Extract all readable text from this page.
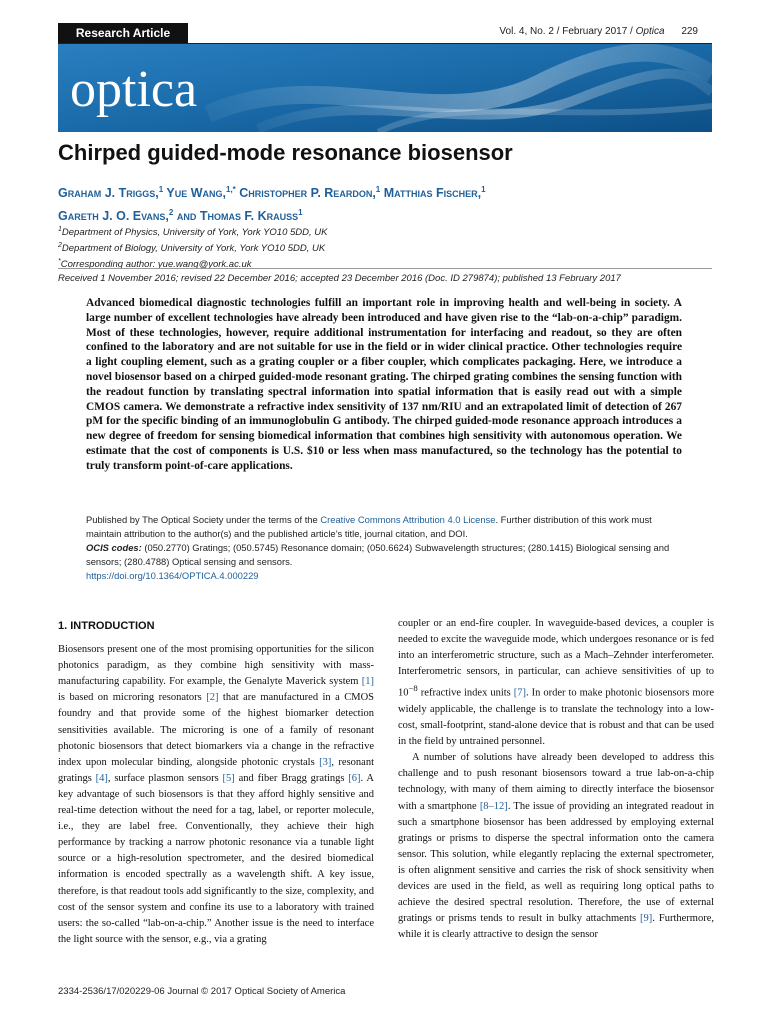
Research Article	Vol. 4, No. 2 / February 2017 / Optica 229
optica
Chirped guided-mode resonance biosensor
Graham J. Triggs,$^1$ Yue Wang,$^{1,*}$ Christopher P. Reardon,$^1$ Matthias Fischer,$^1$
Gareth J. O. Evans,$^2$ and Thomas F. Krauss$^1$
$^1$Department of Physics, University of York, York YO10 5DD, UK
$^2$Department of Biology, University of York, York YO10 5DD, UK
*Corresponding author: yue.wang@york.ac.uk
Received 1 November 2016; revised 22 December 2016; accepted 23 December 2016 (Doc. ID 279874); published 13 February 2017
Advanced biomedical diagnostic technologies fulfill an important role in improving health and well-being in society. A large number of excellent technologies have already been introduced and have given rise to the “lab-on-a-chip” paradigm. Most of these technologies, however, require additional instrumentation for interfacing and readout, so they are often confined to the laboratory and are not suitable for use in the field or in wider clinical practice. Other technologies require a light coupling element, such as a grating coupler or a fiber coupler, which complicates packaging. Here, we introduce a novel biosensor based on a chirped guided-mode resonant grating. The chirped grating combines the sensing function with the readout function by translating spectral information into spatial information that is easily read out with a simple CMOS camera. We demonstrate a refractive index sensitivity of 137 nm/RIU and an extrapolated limit of detection of 267 pM for the specific binding of an immunoglobulin G antibody. The chirped guided-mode resonance approach introduces a new degree of freedom for sensing biomedical information that combines high sensitivity with autonomous operation. We estimate that the cost of components is U.S. $10 or less when mass manufactured, so the technology has the potential to truly transform point-of-care applications.
Published by The Optical Society under the terms of the Creative Commons Attribution 4.0 License. Further distribution of this work must maintain attribution to the author(s) and the published article’s title, journal citation, and DOI.
OCIS codes: (050.2770) Gratings; (050.5745) Resonance domain; (050.6624) Subwavelength structures; (280.1415) Biological sensing and sensors; (280.4788) Optical sensing and sensors.
https://doi.org/10.1364/OPTICA.4.000229
1. INTRODUCTION

Biosensors present one of the most promising opportunities for the silicon photonics paradigm, as they combine high sensitivity with mass-manufacturing capability. For example, the Genalyte Maverick system [1] is based on microring resonators [2] that are manufactured in a CMOS foundry and that provide some of the highest biomarker detection sensitivities available. The microring is one of a family of resonant photonic biosensors that detect biomarkers via a change in the refractive index upon molecular binding, alongside photonic crystals [3], resonant gratings [4], surface plasmon sensors [5] and fiber Bragg gratings [6]. A key advantage of such biosensors is that they afford highly sensitive and real-time detection without the need for a tag, label, or reporter molecule, i.e., they are label free. Conventionally, they achieve their high performance by tracking a narrow photonic resonance via a tunable light source or a high-resolution spectrometer, and the desired biomedical information is encoded spectrally as a wavelength shift. A key issue, therefore, is that readout tools add significantly to the size, complexity, and cost of the sensor system and confine its use to a laboratory with trained users: the so-called “lab-on-a-chip.” Another issue is the need to interface the light source with the sensor, e.g., via a grating

coupler or an end-fire coupler. In waveguide-based devices, a coupler is needed to excite the waveguide mode, which undergoes resonance or is fed into an interferometric structure, such as a Mach–Zehnder interferometer. Interferometric sensors, in particular, can achieve sensitivities of up to $10^{-8}$ refractive index units [7]. In order to make photonic biosensors more widely applicable, the challenge is to translate the technology into a low-cost, small-footprint, stand-alone device that is robust and that can be used in the field by untrained personnel.

A number of solutions have already been developed to address this challenge and to push resonant biosensors toward a true lab-on-a-chip technology, with many of them aiming to directly interface the biosensor with a smartphone [8–12]. The issue of providing an integrated readout in such a smartphone biosensor has been addressed by employing external gratings or prisms to disperse the spectral information onto the camera sensor. This solution, while elegantly replacing the external spectrometer, is often alignment sensitive and carries the risk of shock sensitivity when devices are used in the field, as well as requiring long optical paths to achieve the desired spectral resolution. Therefore, the use of external gratings or prisms tends to result in bulky attachments [9]. Furthermore, while it is clearly attractive to design the sensor

2334-2536/17/020229-06 Journal © 2017 Optical Society of America
